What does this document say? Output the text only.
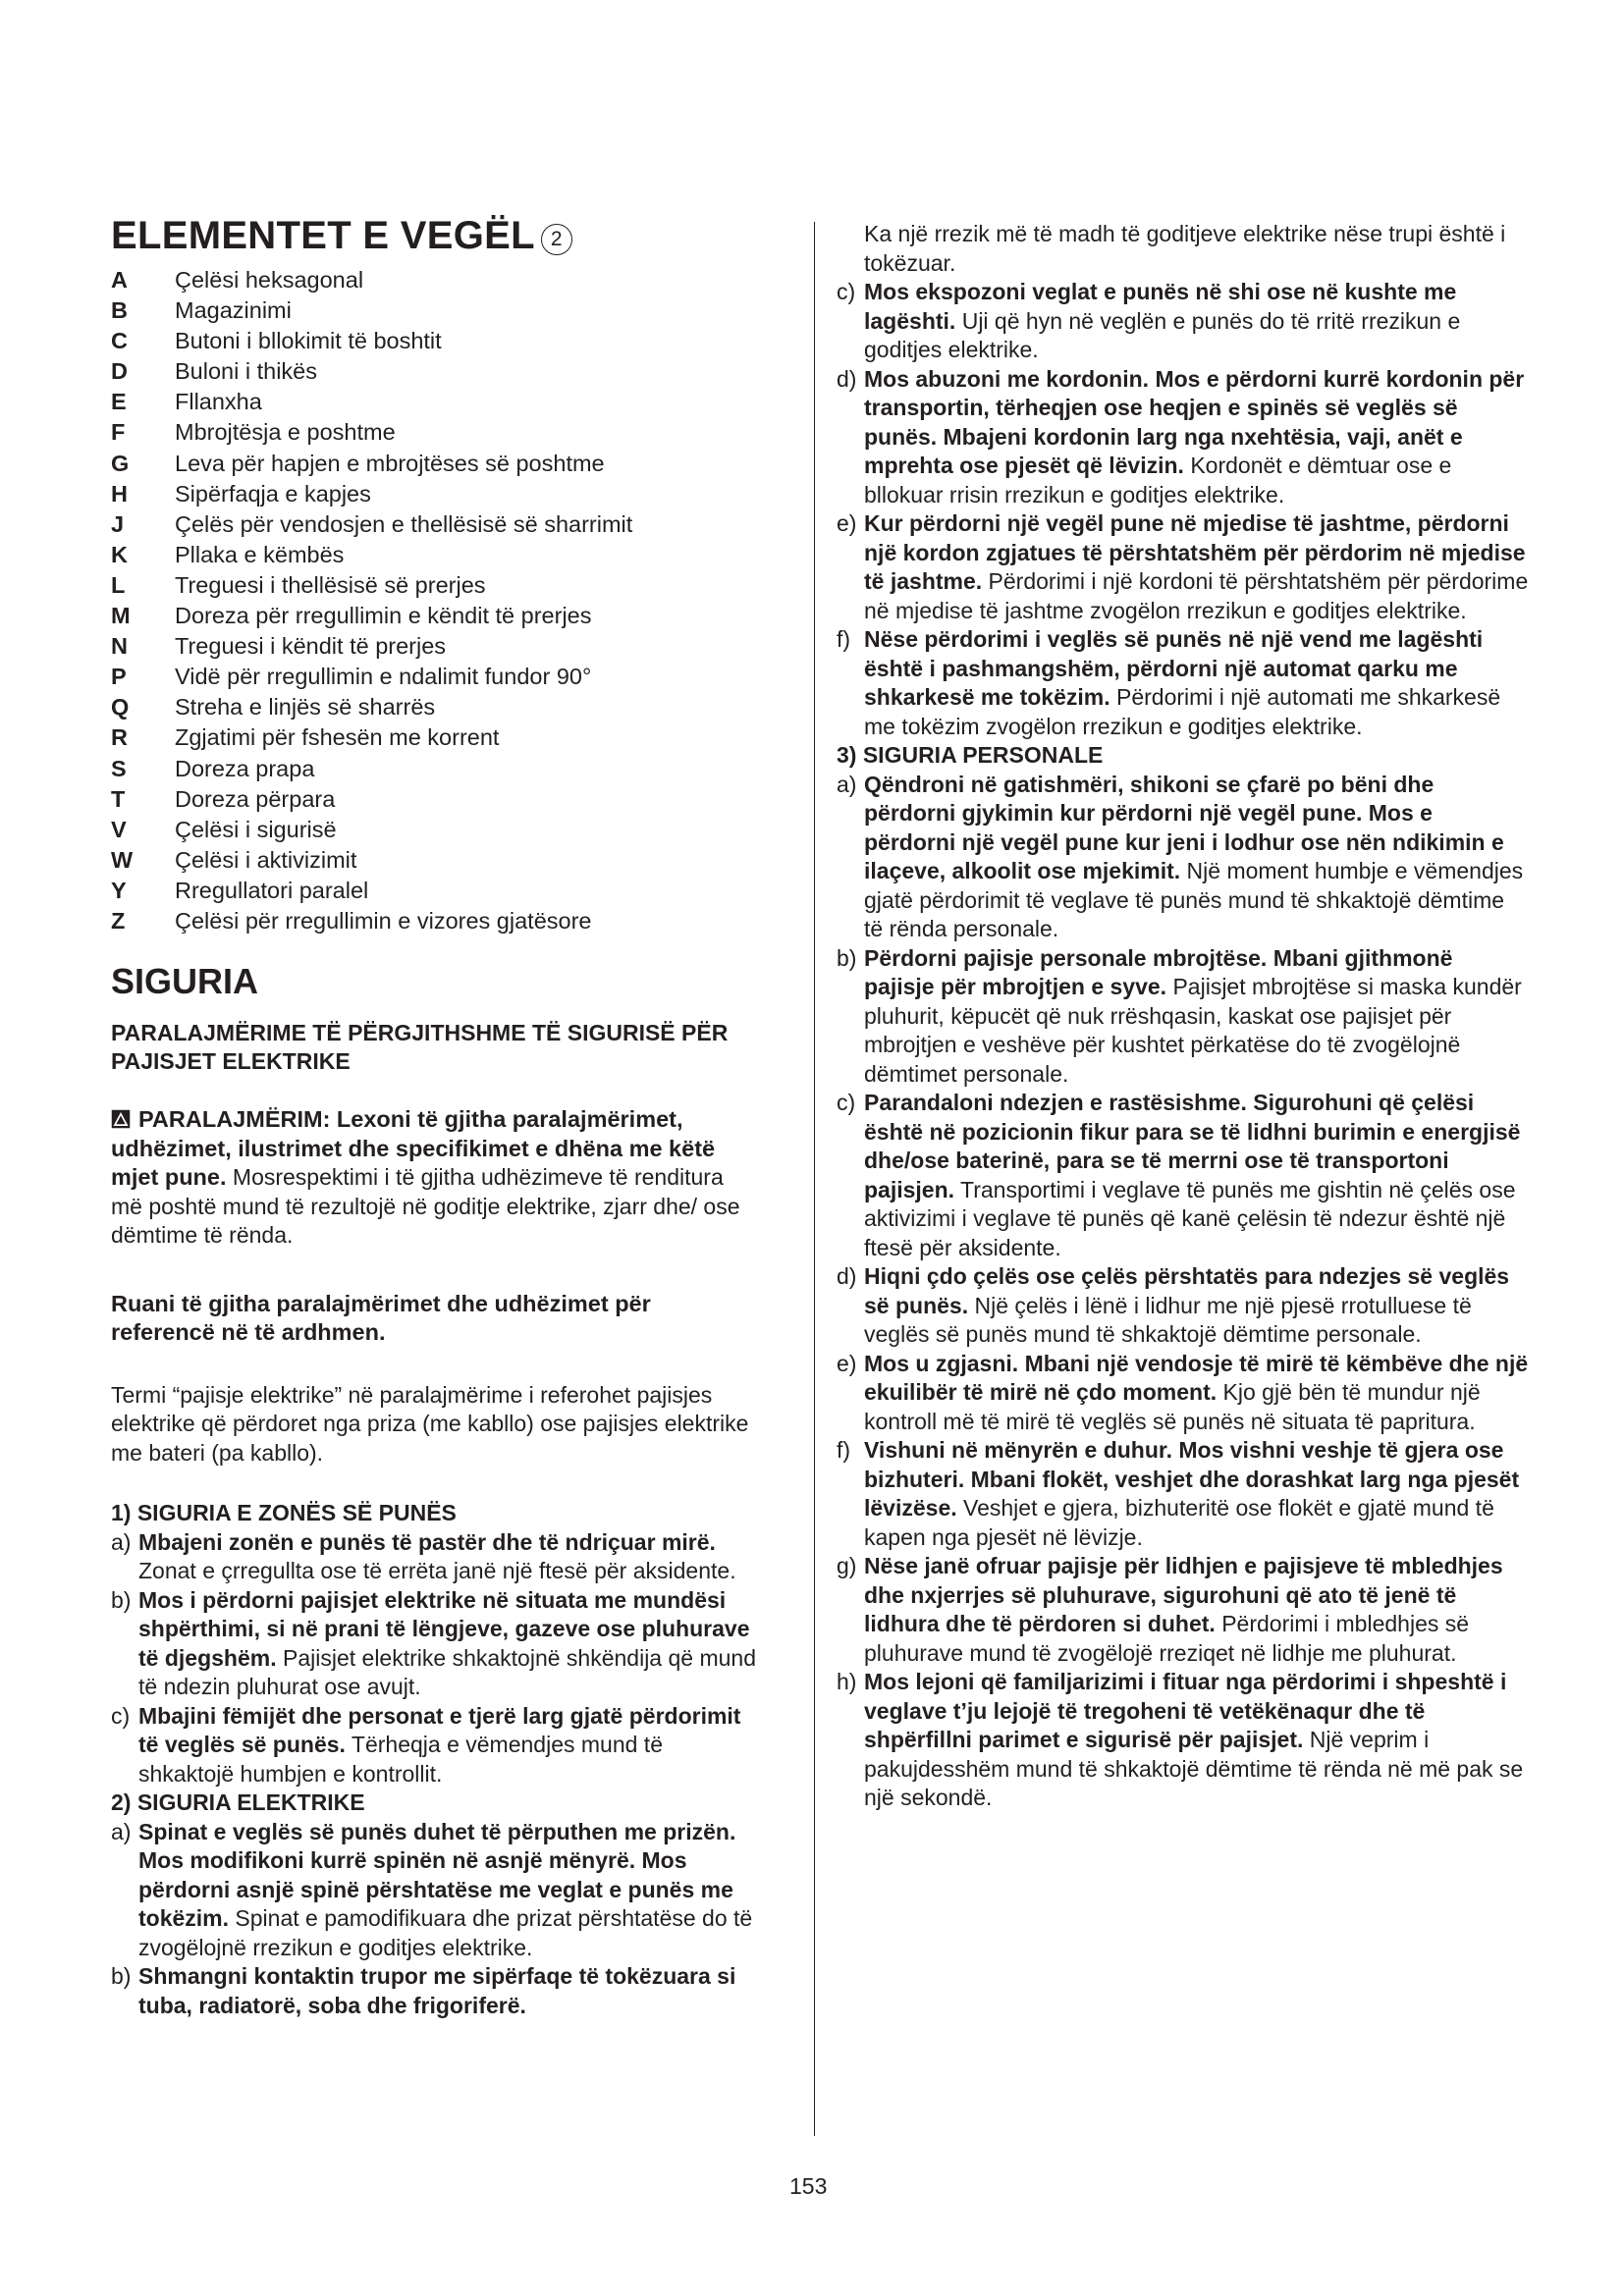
ELEMENTET E VEGËL 2
A	Çelësi heksagonal
B	Magazinimi
C	Butoni i bllokimit të boshtit
D	Buloni i thikës
E	Fllanxha
F	Mbrojtësja e poshtme
G	Leva për hapjen e mbrojtëses së poshtme
H	Sipërfaqja e kapjes
J	Çelës për vendosjen e thellësisë së sharrimit
K	Pllaka e këmbës
L	Treguesi i thellësisë së prerjes
M	Doreza për rregullimin e këndit të prerjes
N	Treguesi i këndit të prerjes
P	Vidë për rregullimin e ndalimit fundor 90°
Q	Streha e linjës së sharrës
R	Zgjatimi për fshesën me korrent
S	Doreza prapa
T	Doreza përpara
V	Çelësi i sigurisë
W	Çelësi i aktivizimit
Y	Rregullatori paralel
Z	Çelësi për rregullimin e vizores gjatësore
SIGURIA
PARALAJMËRIME TË PËRGJITHSHME TË SIGURISË PËR PAJISJET ELEKTRIKE

PARALAJMËRIM: Lexoni të gjitha paralajmërimet, udhëzimet, ilustrimet dhe specifikimet e dhëna me këtë mjet pune. Mosrespektimi i të gjitha udhëzimeve të renditura më poshtë mund të rezultojë në goditje elektrike, zjarr dhe/ ose dëmtime të rënda.

Ruani të gjitha paralajmërimet dhe udhëzimet për referencë në të ardhmen.

Termi “pajisje elektrike” në paralajmërime i referohet pajisjes elektrike që përdoret nga priza (me kabllo) ose pajisjes elektrike me bateri (pa kabllo).

1) SIGURIA E ZONËS SË PUNËS
a) Mbajeni zonën e punës të pastër dhe të ndriçuar mirë. Zonat e çrregullta ose të errëta janë një ftesë për aksidente.
b) Mos i përdorni pajisjet elektrike në situata me mundësi shpërthimi, si në prani të lëngjeve, gazeve ose pluhurave të djegshëm. Pajisjet elektrike shkaktojnë shkëndija që mund të ndezin pluhurat ose avujt.
c) Mbajini fëmijët dhe personat e tjerë larg gjatë përdorimit të veglës së punës. Tërheqja e vëmendjes mund të shkaktojë humbjen e kontrollit.
2) SIGURIA ELEKTRIKE
a) Spinat e veglës së punës duhet të përputhen me prizën. Mos modifikoni kurrë spinën në asnjë mënyrë. Mos përdorni asnjë spinë përshtatëse me veglat e punës me tokëzim. Spinat e pamodifikuara dhe prizat përshtatëse do të zvogëlojnë rrezikun e goditjes elektrike.
b) Shmangni kontaktin trupor me sipërfaqe të tokëzuara si tuba, radiatorë, soba dhe frigoriferë.
Ka një rrezik më të madh të goditjeve elektrike nëse trupi është i tokëzuar.
c) Mos ekspozoni veglat e punës në shi ose në kushte me lagështi. Uji që hyn në veglën e punës do të rritë rrezikun e goditjes elektrike.
d) Mos abuzoni me kordonin. Mos e përdorni kurrë kordonin për transportin, tërheqjen ose heqjen e spinës së veglës së punës. Mbajeni kordonin larg nga nxehtësia, vaji, anët e mprehta ose pjesët që lëvizin. Kordonët e dëmtuar ose e bllokuar rrisin rrezikun e goditjes elektrike.
e) Kur përdorni një vegël pune në mjedise të jashtme, përdorni një kordon zgjatues të përshtatshëm për përdorim në mjedise të jashtme. Përdorimi i një kordoni të përshtatshëm për përdorime në mjedise të jashtme zvogëlon rrezikun e goditjes elektrike.
f) Nëse përdorimi i veglës së punës në një vend me lagështi është i pashmangshëm, përdorni një automat qarku me shkarkesë me tokëzim. Përdorimi i një automati me shkarkesë me tokëzim zvogëlon rrezikun e goditjes elektrike.
3) SIGURIA PERSONALE
a) Qëndroni në gatishmëri, shikoni se çfarë po bëni dhe përdorni gjykimin kur përdorni një vegël pune. Mos e përdorni një vegël pune kur jeni i lodhur ose nën ndikimin e ilaçeve, alkoolit ose mjekimit. Një moment humbje e vëmendjes gjatë përdorimit të veglave të punës mund të shkaktojë dëmtime të rënda personale.
b) Përdorni pajisje personale mbrojtëse. Mbani gjithmonë pajisje për mbrojtjen e syve. Pajisjet mbrojtëse si maska kundër pluhurit, këpucët që nuk rrëshqasin, kaskat ose pajisjet për mbrojtjen e veshëve për kushtet përkatëse do të zvogëlojnë dëmtimet personale.
c) Parandaloni ndezjen e rastësishme. Sigurohuni që çelësi është në pozicionin fikur para se të lidhni burimin e energjisë dhe/ose baterinë, para se të merrni ose të transportoni pajisjen. Transportimi i veglave të punës me gishtin në çelës ose aktivizimi i veglave të punës që kanë çelësin të ndezur është një ftesë për aksidente.
d) Hiqni çdo çelës ose çelës përshtatës para ndezjes së veglës së punës. Një çelës i lënë i lidhur me një pjesë rrotulluese të veglës së punës mund të shkaktojë dëmtime personale.
e) Mos u zgjasni. Mbani një vendosje të mirë të këmbëve dhe një ekuilibër të mirë në çdo moment. Kjo gjë bën të mundur një kontroll më të mirë të veglës së punës në situata të papritura.
f) Vishuni në mënyrën e duhur. Mos vishni veshje të gjera ose bizhuteri. Mbani flokët, veshjet dhe dorashkat larg nga pjesët lëvizëse. Veshjet e gjera, bizhuteritë ose flokët e gjatë mund të kapen nga pjesët në lëvizje.
g) Nëse janë ofruar pajisje për lidhjen e pajisjeve të mbledhjes dhe nxjerrjes së pluhurave, sigurohuni që ato të jenë të lidhura dhe të përdoren si duhet. Përdorimi i mbledhjes së pluhurave mund të zvogëlojë rreziqet në lidhje me pluhurat.
h) Mos lejoni që familjarizimi i fituar nga përdorimi i shpeshtë i veglave t’ju lejojë të tregoheni të vetëkënaqur dhe të shpërfillni parimet e sigurisë për pajisjet. Një veprim i pakujdesshëm mund të shkaktojë dëmtime të rënda në më pak se një sekondë.
153
